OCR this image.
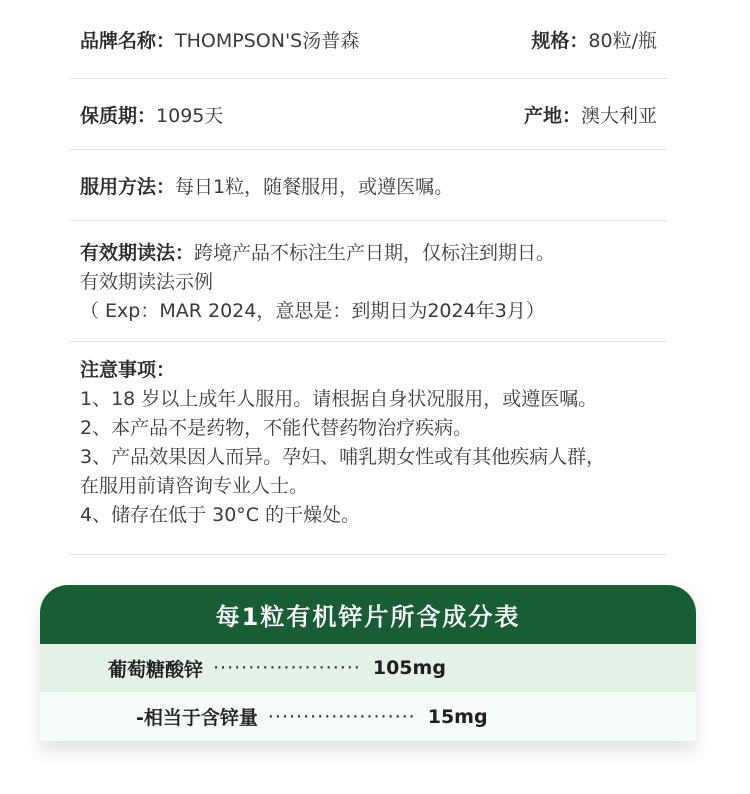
品牌名称：THOMPSON'S汤普森	规格：80粒/瓶
保质期：1095天	产地：澳大利亚
服用方法： 每日1粒，随餐服用，或遵医嘱。
有效期读法：跨境产品不标注生产日期，仅标注到期日。
有效期读法示例
（ Exp：MAR 2024，意思是：到期日为2024年3月）
注意事项：
1、18 岁以上成年人服用。请根据自身状况服用，或遵医嘱。
2、本产品不是药物，不能代替药物治疗疾病。
3、产品效果因人而异。孕妇、哺乳期女性或有其他疾病人群，
在服用前请咨询专业人士。
4、储存在低于 30°C 的干燥处。
每1粒有机锌片所含成分表
葡萄糖酸锌 ····················· 105mg
-相当于含锌量 ····················· 15mg
